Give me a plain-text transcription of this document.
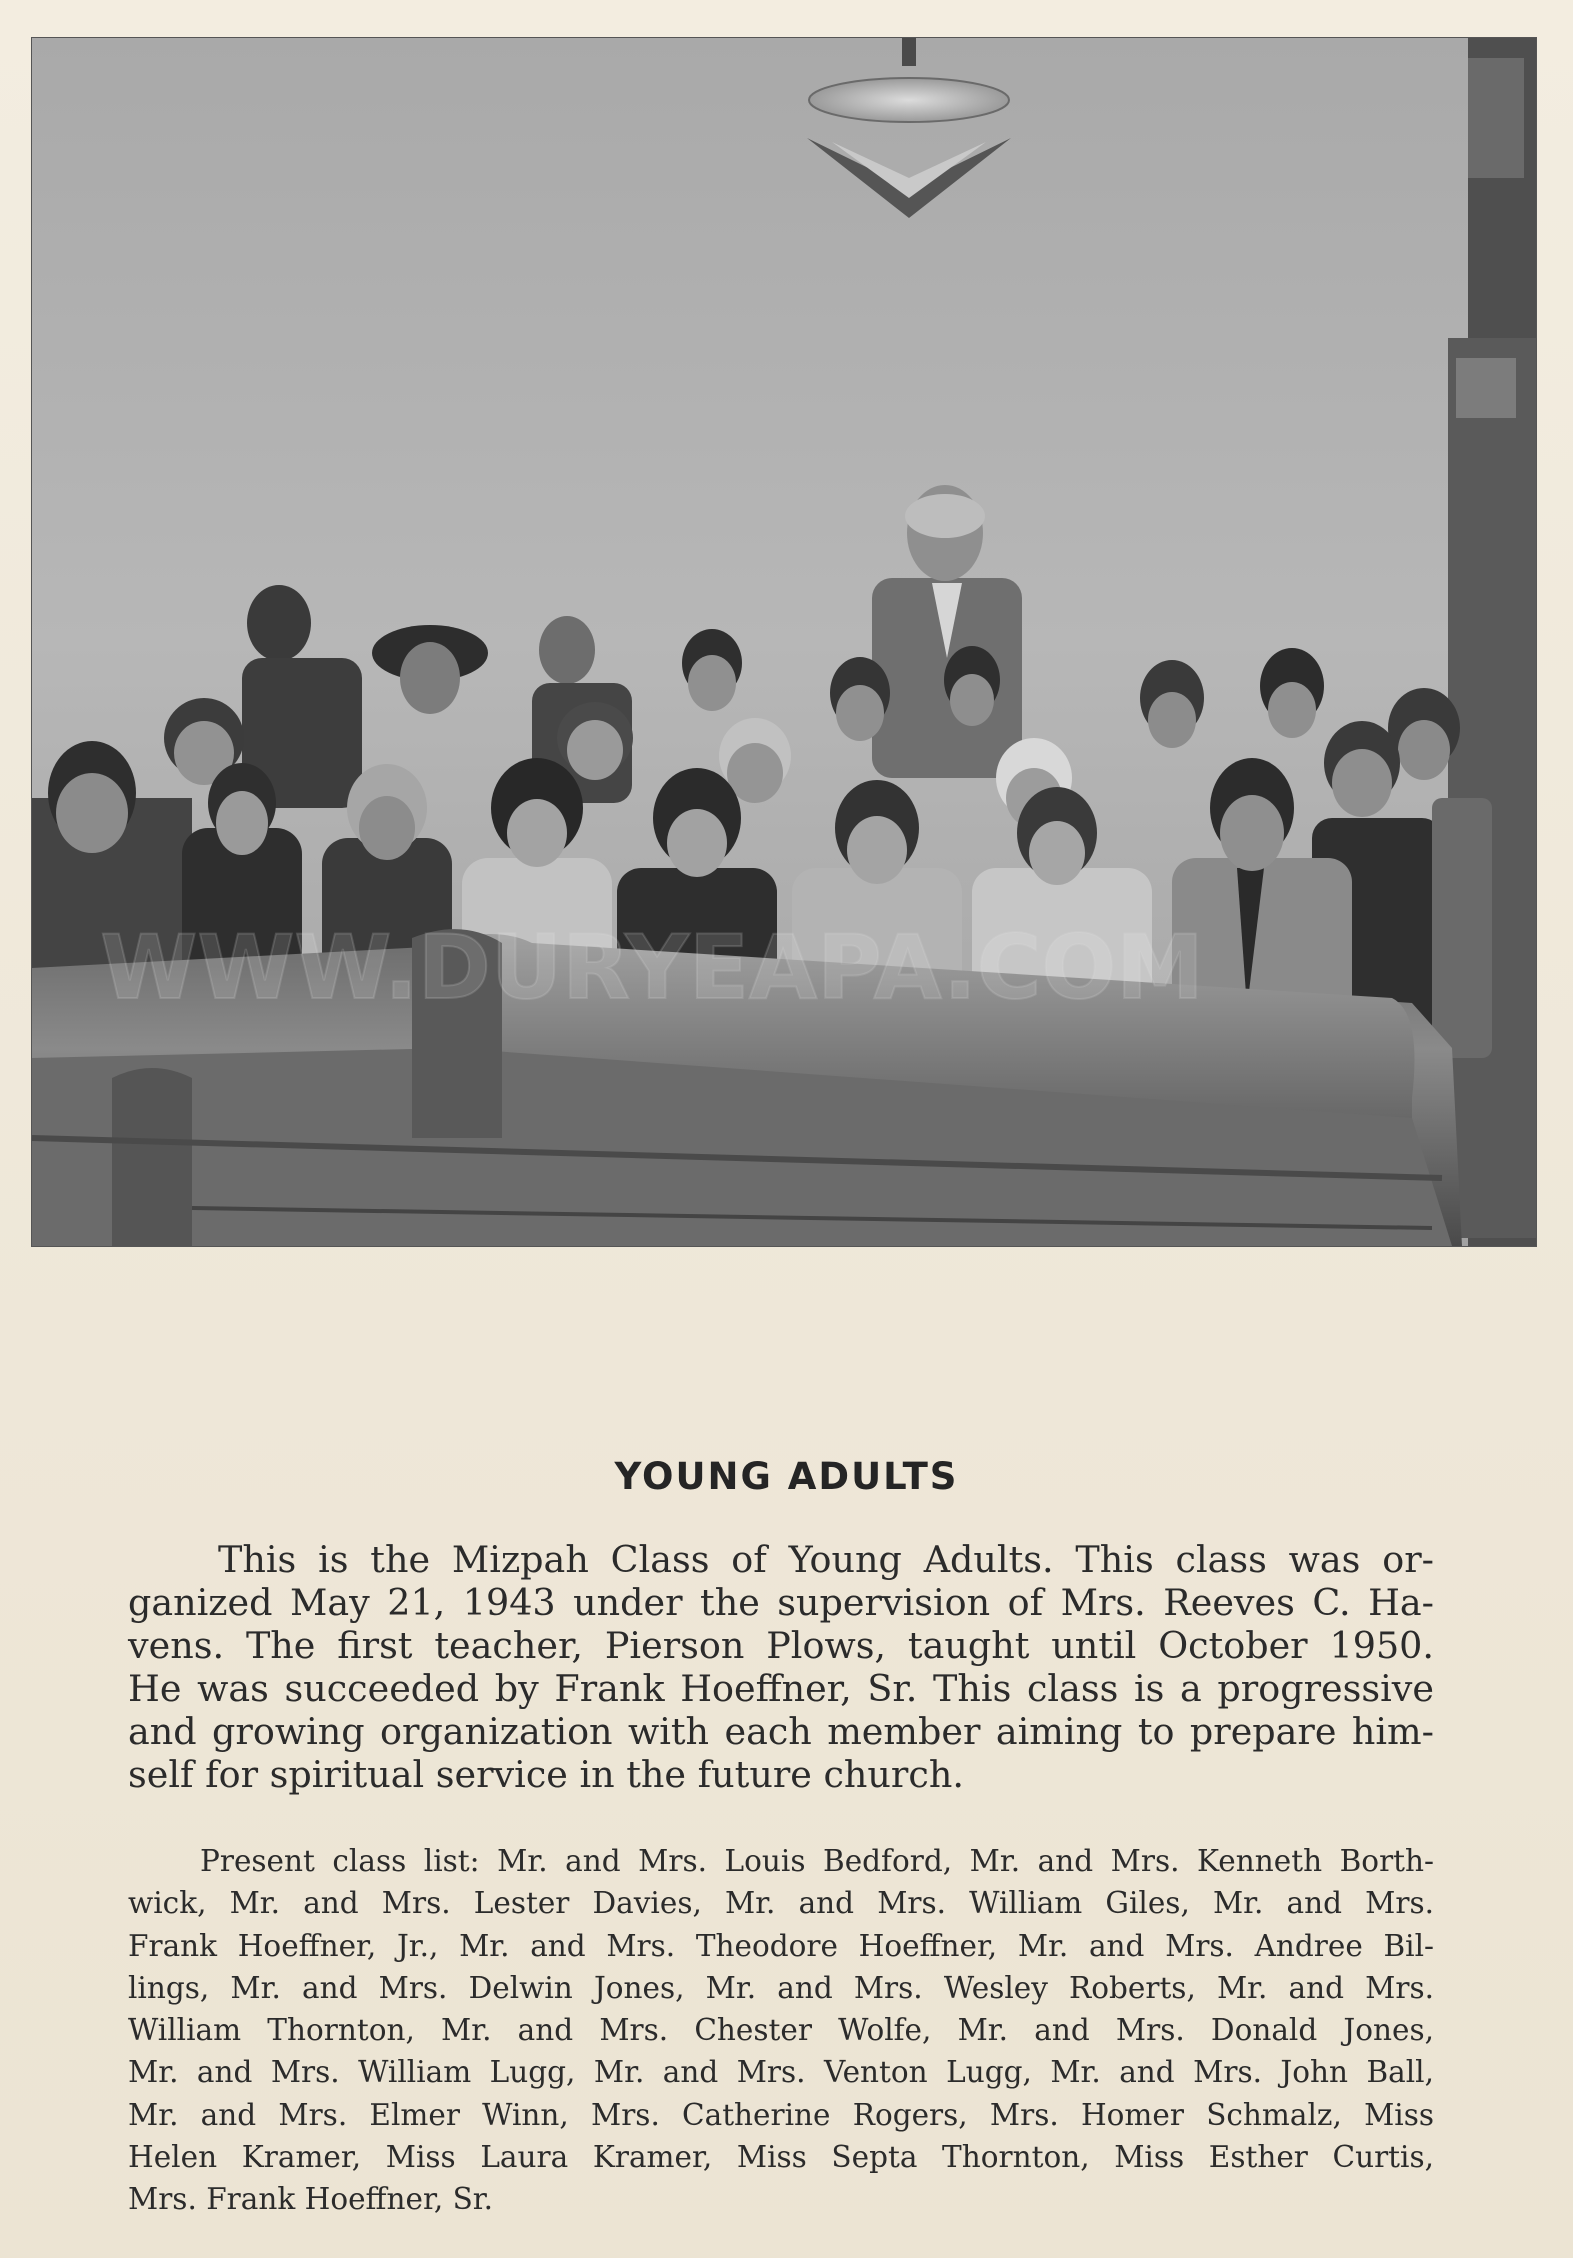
WWW.DURYEAPA.COM
YOUNG ADULTS
This is the Mizpah Class of Young Adults. This class was or-
ganized May 21, 1943 under the supervision of Mrs. Reeves C. Ha-
vens. The first teacher, Pierson Plows, taught until October 1950.
He was succeeded by Frank Hoeffner, Sr. This class is a progressive
and growing organization with each member aiming to prepare him-
self for spiritual service in the future church.
Present class list: Mr. and Mrs. Louis Bedford, Mr. and Mrs. Kenneth Borth-
wick, Mr. and Mrs. Lester Davies, Mr. and Mrs. William Giles, Mr. and Mrs.
Frank Hoeffner, Jr., Mr. and Mrs. Theodore Hoeffner, Mr. and Mrs. Andree Bil-
lings, Mr. and Mrs. Delwin Jones, Mr. and Mrs. Wesley Roberts, Mr. and Mrs.
William Thornton, Mr. and Mrs. Chester Wolfe, Mr. and Mrs. Donald Jones,
Mr. and Mrs. William Lugg, Mr. and Mrs. Venton Lugg, Mr. and Mrs. John Ball,
Mr. and Mrs. Elmer Winn, Mrs. Catherine Rogers, Mrs. Homer Schmalz, Miss
Helen Kramer, Miss Laura Kramer, Miss Septa Thornton, Miss Esther Curtis,
Mrs. Frank Hoeffner, Sr.
